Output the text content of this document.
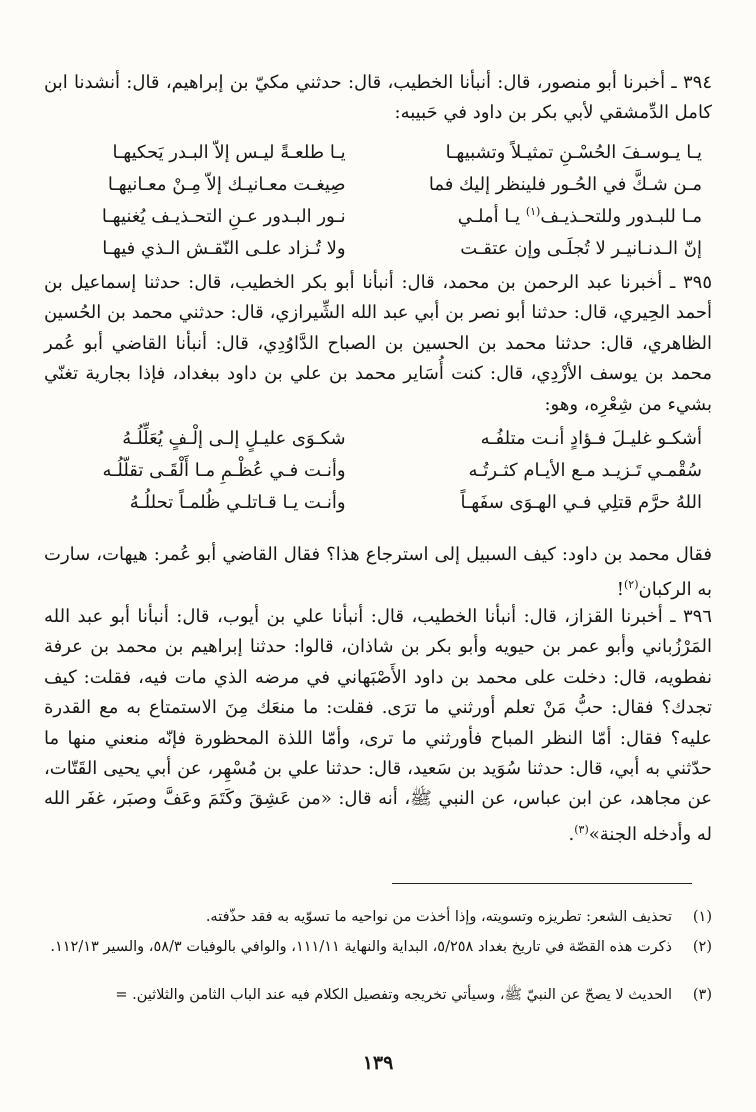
٣٩٤ ـ أخبرنا أبو منصور، قال: أنبأنا الخطيب، قال: حدثني مكيّ بن إبراهيم، قال: أنشدنا ابن كامل الدِّمشقي لأبي بكر بن داود في حَبيبه:

يـا يـوسـفَ الحُسْـنِ تمثيـلاً وتشبيهـا
يـا طلعـةً ليـس إلاّ البـدر يَحكيهـا
مـن شـكَّ في الحُـور فلينظر إليك فما
صِيغـت معـانيـك إلاّ مِـنْ معـانيهـا
مـا للبـدور وللتحـذيـف$^{(١)}$ يـا أملـي
نـور البـدور عـنِ التحـذيـف يُغنيهـا
إنّ الـدنـانيـر لا تُجلَـى وإن عتقـت
ولا تُـزاد علـى النّقـش الـذي فيهـا

٣٩٥ ـ أخبرنا عبد الرحمن بن محمد، قال: أنبأنا أبو بكر الخطيب، قال: حدثنا إسماعيل بن أحمد الحِيري، قال: حدثنا أبو نصر بن أبي عبد الله الشِّيرازي، قال: حدثني محمد بن الحُسين الظاهري، قال: حدثنا محمد بن الحسين بن الصباح الدَّاوُدِي، قال: أنبأنا القاضي أبو عُمر محمد بن يوسف الأزْدِي، قال: كنت أُسَاير محمد بن علي بن داود ببغداد، فإذا بجارية تغنّي بشيء من شِعْرِه، وهو:

أشكـو غليـلَ فـؤادٍ أنـت متلفُـه
شكـوَى عليـلٍ إلـى إلْـفٍ يُعَلِّلُـهُ
سُقْمـي تَـزيـد مـع الأيـام كثـرتُـه
وأنـت فـي عُظْـمِ مـا أَلْقَـى تقلّلُـه
اللهُ حرَّم قتلِي فـي الهـوَى سفَهـاً
وأنـت يـا قـاتلـي ظُلمـاً تحللُـهُ

فقال محمد بن داود: كيف السبيل إلى استرجاع هذا؟ فقال القاضي أبو عُمر: هيهات، سارت به الركبان$^{(٢)}$!

٣٩٦ ـ أخبرنا القزاز، قال: أنبأنا الخطيب، قال: أنبأنا علي بن أيوب، قال: أنبأنا أبو عبد الله المَرْزُباني وأبو عمر بن حيويه وأبو بكر بن شاذان، قالوا: حدثنا إبراهيم بن محمد بن عرفة نفطويه، قال: دخلت على محمد بن داود الأَصْبَهاني في مرضه الذي مات فيه، فقلت: كيف تجدك؟ فقال: حبُّ مَنْ تعلم أورثني ما ترَى. فقلت: ما منعَك مِنَ الاستمتاع به مع القدرة عليه؟ فقال: أمّا النظر المباح فأورثني ما ترى، وأمّا اللذة المحظورة فإنّه منعني منها ما حدّثني به أبي، قال: حدثنا سُوَيد بن سَعيد، قال: حدثنا علي بن مُسْهِر، عن أبي يحيى القَتّات، عن مجاهد، عن ابن عباس، عن النبي ﷺ، أنه قال: «من عَشِقَ وكَتَمَ وعَفَّ وصبَر، غفَر الله له وأدخله الجنة»$^{(٣)}$.

(١)
تحذيف الشعر: تطريزه وتسويته، وإذا أخذت من نواحيه ما تسوّيه به فقد حذّفته.
(٢)
ذكرت هذه القصّة في تاريخ بغداد ٥/٢٥٨، البداية والنهاية ١١١/١١، والوافي بالوفيات ٥٨/٣، والسير ١١٢/١٣.
(٣)
الحديث لا يصحّ عن النبيّ ﷺ، وسيأتي تخريجه وتفصيل الكلام فيه عند الباب الثامن والثلاثين. =
١٣٩
